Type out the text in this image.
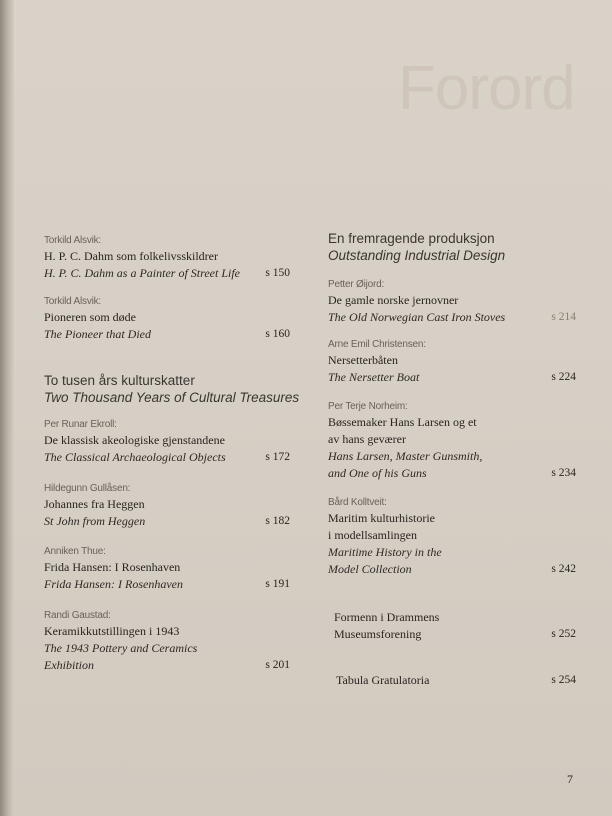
Forord
Torkild Alsvik:
H. P. C. Dahm som folkelivsskildrer
H. P. C. Dahm as a Painter of Street Life s 150
Torkild Alsvik:
Pioneren som døde
The Pioneer that Died	s 160
To tusen års kulturskatter
Two Thousand Years of Cultural Treasures
Per Runar Ekroll:
De klassisk akeologiske gjenstandene
The Classical Archaeological Objects	s 172
Hildegunn Gullåsen:
Johannes fra Heggen
St John from Heggen	s 182
Anniken Thue:
Frida Hansen: I Rosenhaven
Frida Hansen: I Rosenhaven	s 191
Randi Gaustad:
Keramikkutstillingen i 1943
The 1943 Pottery and Ceramics
Exhibition	s 201
En fremragende produksjon
Outstanding Industrial Design
Petter Øijord:
De gamle norske jernovner
The Old Norwegian Cast Iron Stoves	s 214
Arne Emil Christensen:
Nersetterbåten
The Nersetter Boat	s 224
Per Terje Norheim:
Bøssemaker Hans Larsen og et
av hans geværer
Hans Larsen, Master Gunsmith,
and One of his Guns	s 234
Bård Kolltveit:
Maritim kulturhistorie
i modellsamlingen
Maritime History in the
Model Collection	s 242
Formenn i Drammens
Museumsforening	s 252
Tabula Gratulatoria	s 254
7
